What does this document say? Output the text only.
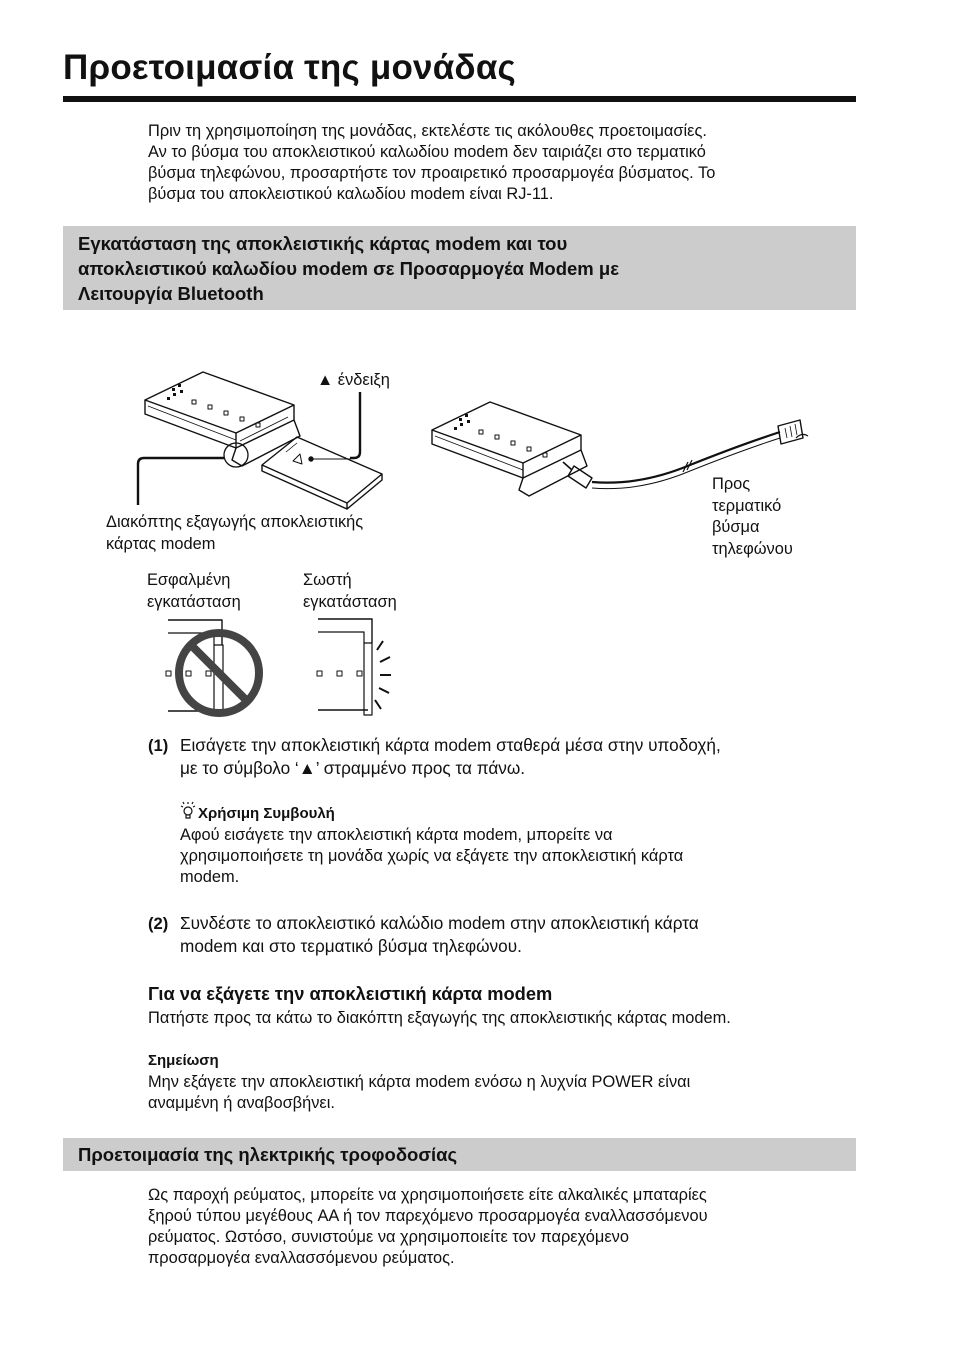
Προετοιμασία της μονάδας
Πριν τη χρησιμοποίηση της μονάδας, εκτελέστε τις ακόλουθες προετοιμασίες.
Αν το βύσμα του αποκλειστικού καλωδίου modem δεν ταιριάζει στο τερματικό
βύσμα τηλεφώνου, προσαρτήστε τον προαιρετικό προσαρμογέα βύσματος. Το
βύσμα του αποκλειστικού καλωδίου modem είναι RJ-11.
Εγκατάσταση της αποκλειστικής κάρτας modem και του
αποκλειστικού καλωδίου modem σε Προσαρμογέα Modem με
Λειτουργία Bluetooth
▲ ένδειξη
Διακόπτης εξαγωγής αποκλειστικής
κάρτας modem
Προς
τερματικό
βύσμα
τηλεφώνου
Εσφαλμένη
εγκατάσταση
Σωστή
εγκατάσταση
(1) Εισάγετε την αποκλειστική κάρτα modem σταθερά μέσα στην υποδοχή,
με το σύμβολο ‘▲’ στραμμένο προς τα πάνω.
Χρήσιμη Συμβουλή
Αφού εισάγετε την αποκλειστική κάρτα modem, μπορείτε να
χρησιμοποιήσετε τη μονάδα χωρίς να εξάγετε την αποκλειστική κάρτα
modem.
(2) Συνδέστε το αποκλειστικό καλώδιο modem στην αποκλειστική κάρτα
modem και στο τερματικό βύσμα τηλεφώνου.
Για να εξάγετε την αποκλειστική κάρτα modem
Πατήστε προς τα κάτω το διακόπτη εξαγωγής της αποκλειστικής κάρτας modem.
Σημείωση
Μην εξάγετε την αποκλειστική κάρτα modem ενόσω η λυχνία POWER είναι
αναμμένη ή αναβοσβήνει.
Προετοιμασία της ηλεκτρικής τροφοδοσίας
Ως παροχή ρεύματος, μπορείτε να χρησιμοποιήσετε είτε αλκαλικές μπαταρίες
ξηρού τύπου μεγέθους AA ή τον παρεχόμενο προσαρμογέα εναλλασσόμενου
ρεύματος. Ωστόσο, συνιστούμε να χρησιμοποιείτε τον παρεχόμενο
προσαρμογέα εναλλασσόμενου ρεύματος.
